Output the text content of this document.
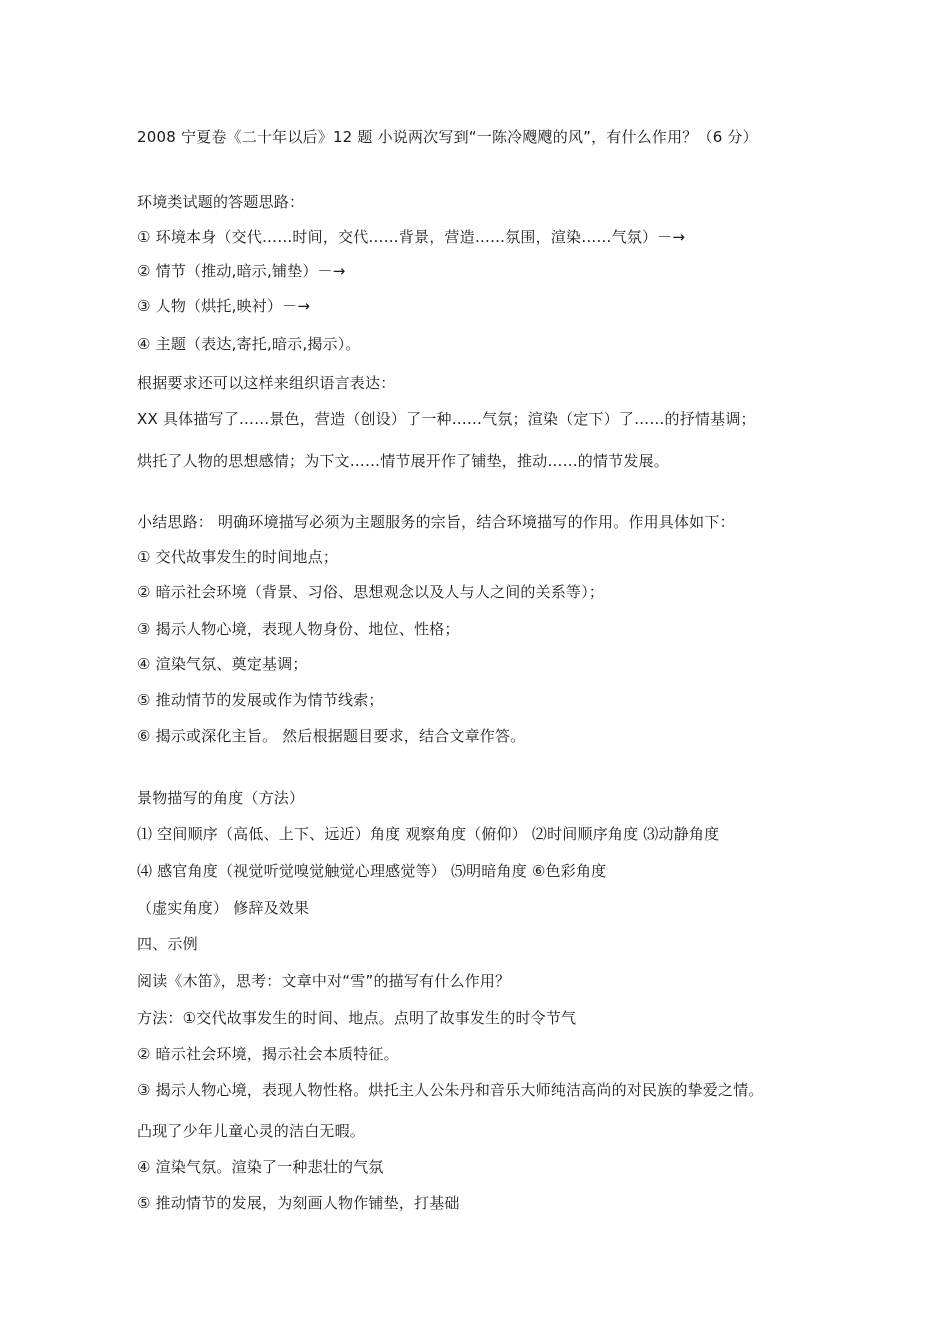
2008 宁夏卷《二十年以后》12 题 小说两次写到“一陈冷飕飕的风”，有什么作用？（6 分）
环境类试题的答题思路：
① 环境本身（交代……时间，交代……背景，营造……氛围，渲染……气氛）－→
② 情节（推动,暗示,铺垫）－→
③ 人物（烘托,映衬）－→
④ 主题（表达,寄托,暗示,揭示）。
根据要求还可以这样来组织语言表达：
XX 具体描写了……景色，营造（创设）了一种……气氛；渲染（定下）了……的抒情基调；
烘托了人物的思想感情；为下文……情节展开作了铺垫，推动……的情节发展。
小结思路： 明确环境描写必须为主题服务的宗旨，结合环境描写的作用。作用具体如下：
① 交代故事发生的时间地点；
② 暗示社会环境（背景、习俗、思想观念以及人与人之间的关系等）；
③ 揭示人物心境，表现人物身份、地位、性格；
④ 渲染气氛、奠定基调；
⑤ 推动情节的发展或作为情节线索；
⑥ 揭示或深化主旨。 然后根据题目要求，结合文章作答。
景物描写的角度（方法）
⑴ 空间顺序（高低、上下、远近）角度 观察角度（俯仰） ⑵时间顺序角度 ⑶动静角度
⑷ 感官角度（视觉听觉嗅觉触觉心理感觉等） ⑸明暗角度 ⑥色彩角度
（虚实角度） 修辞及效果
四、示例
阅读《木笛》，思考：文章中对“雪”的描写有什么作用？
方法：①交代故事发生的时间、地点。点明了故事发生的时令节气
② 暗示社会环境，揭示社会本质特征。
③ 揭示人物心境，表现人物性格。烘托主人公朱丹和音乐大师纯洁高尚的对民族的挚爱之情。
凸现了少年儿童心灵的洁白无暇。
④ 渲染气氛。渲染了一种悲壮的气氛
⑤ 推动情节的发展，为刻画人物作铺垫，打基础
